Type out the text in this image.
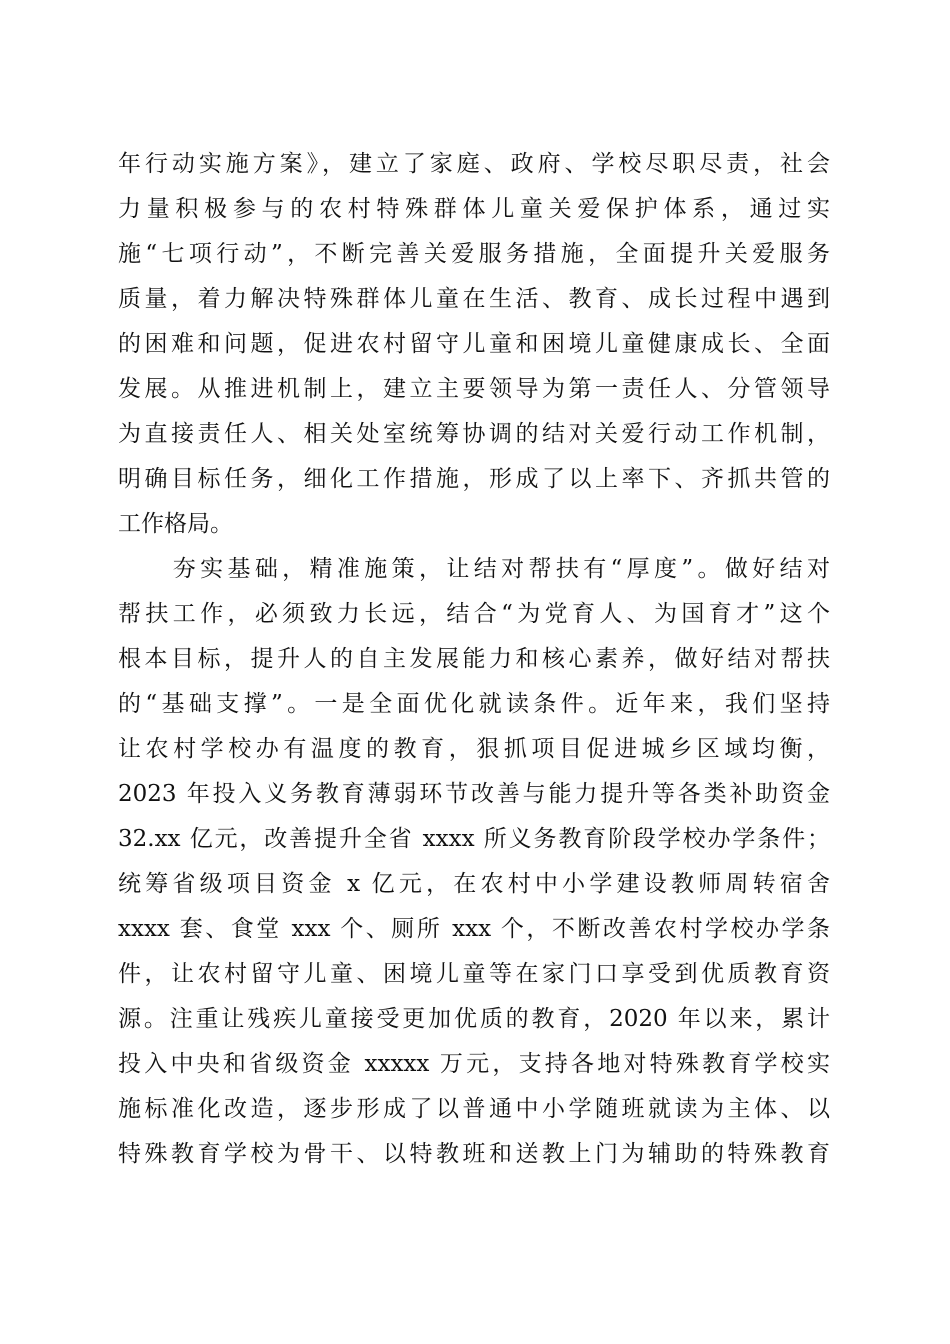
年行动实施方案》，建立了家庭、政府、学校尽职尽责，社会
力量积极参与的农村特殊群体儿童关爱保护体系，通过实
施“七项行动”，不断完善关爱服务措施，全面提升关爱服务
质量，着力解决特殊群体儿童在生活、教育、成长过程中遇到
的困难和问题，促进农村留守儿童和困境儿童健康成长、全面
发展。从推进机制上，建立主要领导为第一责任人、分管领导
为直接责任人、相关处室统筹协调的结对关爱行动工作机制，
明确目标任务，细化工作措施，形成了以上率下、齐抓共管的
工作格局。
　　夯实基础，精准施策，让结对帮扶有“厚度”。做好结对
帮扶工作，必须致力长远，结合“为党育人、为国育才”这个
根本目标，提升人的自主发展能力和核心素养，做好结对帮扶
的“基础支撑”。一是全面优化就读条件。近年来，我们坚持
让农村学校办有温度的教育，狠抓项目促进城乡区域均衡，
2023 年投入义务教育薄弱环节改善与能力提升等各类补助资金
32.xx 亿元，改善提升全省 xxxx 所义务教育阶段学校办学条件；
统筹省级项目资金 x 亿元，在农村中小学建设教师周转宿舍
xxxx 套、食堂 xxx 个、厕所 xxx 个，不断改善农村学校办学条
件，让农村留守儿童、困境儿童等在家门口享受到优质教育资
源。注重让残疾儿童接受更加优质的教育，2020 年以来，累计
投入中央和省级资金 xxxxx 万元，支持各地对特殊教育学校实
施标准化改造，逐步形成了以普通中小学随班就读为主体、以
特殊教育学校为骨干、以特教班和送教上门为辅助的特殊教育
